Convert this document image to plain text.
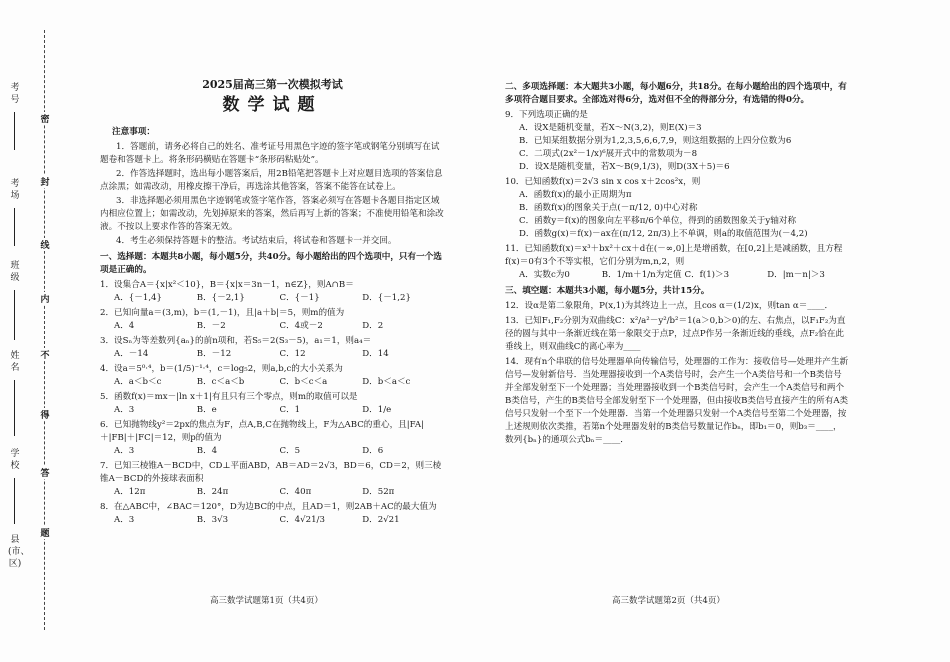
考号
考场
班级
姓名
学校
县(市、区)
密
封
线
内
不
得
答
题
2025届高三第一次模拟考试
数学试题
注意事项：
1．答题前，请务必将自己的姓名、准考证号用黑色字迹的签字笔或钢笔分别填写在试题卷和答题卡上。将条形码横贴在答题卡“条形码粘贴处”。
2．作答选择题时，选出每小题答案后，用2B铅笔把答题卡上对应题目选项的答案信息点涂黑；如需改动，用橡皮擦干净后，再选涂其他答案，答案不能答在试卷上。
3．非选择题必须用黑色字迹钢笔或签字笔作答，答案必须写在答题卡各题目指定区域内相应位置上；如需改动，先划掉原来的答案，然后再写上新的答案；不准使用铅笔和涂改液。不按以上要求作答的答案无效。
4．考生必须保持答题卡的整洁。考试结束后，将试卷和答题卡一并交回。
一、选择题：本题共8小题，每小题5分，共40分。每小题给出的四个选项中，只有一个选项是正确的。
1．设集合A＝{x|x²＜10}，B＝{x|x＝3n－1，n∈Z}，则A∩B＝
A．{－1,4}	B．{－2,1}	C．{－1}	D．{－1,2}
2．已知向量a＝(3,m)，b＝(1,－1)，且|a＋b|＝5，则m的值为
A．4	B．－2	C．4或－2	D．2
3．设Sₙ为等差数列{aₙ}的前n项和，若S₅＝2(S₃－5)，a₁＝1，则a₄＝
A．－14	B．－12	C．12	D．14
4．设a＝5⁰·⁴，b＝(1/5)⁻¹·⁴，c＝log₅2，则a,b,c的大小关系为
A．a＜b＜c	B．c＜a＜b	C．b＜c＜a	D．b＜a＜c
5．函数f(x)＝mx－|ln x＋1|有且只有三个零点，则m的取值可以是
A．3	B．e	C．1	D．1/e
6．已知抛物线y²＝2px的焦点为F，点A,B,C在抛物线上，F为△ABC的重心，且|FA|＋|FB|＋|FC|＝12，则p的值为
A．3	B．4	C．5	D．6
7．已知三棱锥A－BCD中，CD⊥平面ABD，AB＝AD＝2√3，BD＝6，CD＝2，则三棱锥A－BCD的外接球表面积
A．12π	B．24π	C．40π	D．52π
8．在△ABC中，∠BAC＝120°，D为边BC的中点，且AD＝1，则2AB＋AC的最大值为
A．3	B．3√3	C．4√21/3	D．2√21
二、多项选择题：本大题共3小题，每小题6分，共18分。在每小题给出的四个选项中，有多项符合题目要求。全部选对得6分，选对但不全的得部分分，有选错的得0分。
9．下列选项正确的是
A．设X是随机变量，若X～N(3,2)，则E(X)＝3
B．已知某组数据分别为1,2,3,5,6,6,7,9，则这组数据的上四分位数为6
C．二项式(2x²－1/x)⁶展开式中的常数项为－8
D．设X是随机变量，若X～B(9,1/3)，则D(3X＋5)＝6
10．已知函数f(x)＝2√3 sin x cos x＋2cos²x，则
A．函数f(x)的最小正周期为π
B．函数f(x)的图象关于点(－π/12, 0)中心对称
C．函数y＝f(x)的图象向左平移π/6个单位，得到的函数图象关于y轴对称
D．函数g(x)＝f(x)－ax在(π/12, 2π/3)上不单调，则a的取值范围为(－4,2)
11．已知函数f(x)＝x³＋bx²＋cx＋d在(－∞,0]上是增函数，在[0,2]上是减函数，且方程f(x)＝0有3个不等实根，它们分别为m,n,2，则
A．实数c为0	B．1/m＋1/n为定值 C．f(1)＞3	D．|m－n|＞3
三、填空题：本题共3小题，每小题5分，共计15分。
12．设α是第二象限角，P(x,1)为其终边上一点，且cos α＝(1/2)x，则tan α＝____．
13．已知F₁,F₂分别为双曲线C：x²/a²－y²/b²＝1(a＞0,b＞0)的左、右焦点，以F₁F₂为直径的圆与其中一条渐近线在第一象限交于点P，过点P作另一条渐近线的垂线，点F₂恰在此垂线上，则双曲线C的离心率为____
14．现有n个串联的信号处理器单向传输信号，处理器的工作为：接收信号—处理并产生新信号—发射新信号．当处理器接收到一个A类信号时，会产生一个A类信号和一个B类信号并全部发射至下一个处理器；当处理器接收到一个B类信号时，会产生一个A类信号和两个B类信号，产生的B类信号全部发射至下一个处理器，但由接收B类信号直接产生的所有A类信号只发射一个至下一个处理器．当第一个处理器只发射一个A类信号至第二个处理器，按上述规则依次类推，若第n个处理器发射的B类信号数量记作bₙ，即b₁＝0，则b₃＝____，数列{bₙ}的通项公式bₙ＝____．
高三数学试题第1页（共4页）	高三数学试题第2页（共4页）
